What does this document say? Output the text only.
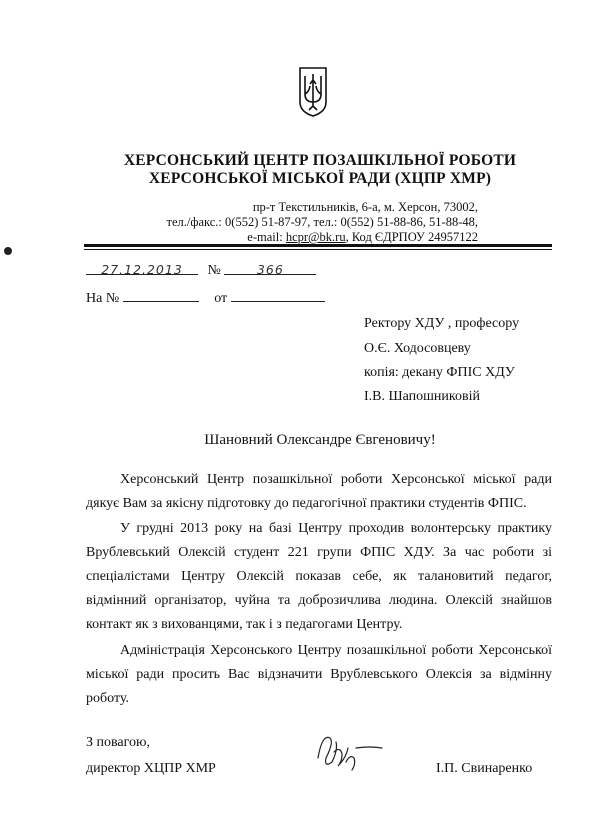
ХЕРСОНСЬКИЙ ЦЕНТР ПОЗАШКІЛЬНОЇ РОБОТИ
ХЕРСОНСЬКОЇ МІСЬКОЇ РАДИ (ХЦПР ХМР)
пр-т Текстильників, 6-а, м. Херсон, 73002,
тел./факс.: 0(552) 51-87-97, тел.: 0(552) 51-88-86, 51-88-48,
e-mail: hcpr@bk.ru, Код ЄДРПОУ 24957122
27.12.2013 №	366
На №	от
Ректору ХДУ , професору
О.Є. Ходосовцеву
копія: декану ФПІС ХДУ
І.В. Шапошниковій
Шановний Олександре Євгеновичу!

Херсонський Центр позашкільної роботи Херсонської міської ради дякує Вам за якісну підготовку до педагогічної практики студентів ФПІС.

У грудні 2013 року на базі Центру проходив волонтерську практику Врублевський Олексій студент 221 групи ФПІС ХДУ. За час роботи зі спеціалістами Центру Олексій показав себе, як талановитий педагог, відмінний організатор, чуйна та доброзичлива людина. Олексій знайшов контакт як з вихованцями, так і з педагогами Центру.

Адміністрація Херсонського Центру позашкільної роботи Херсонської міської ради просить Вас відзначити Врублевського Олексія за відмінну роботу.

З повагою,
директор ХЦПР ХМР	І.П. Свинаренко
